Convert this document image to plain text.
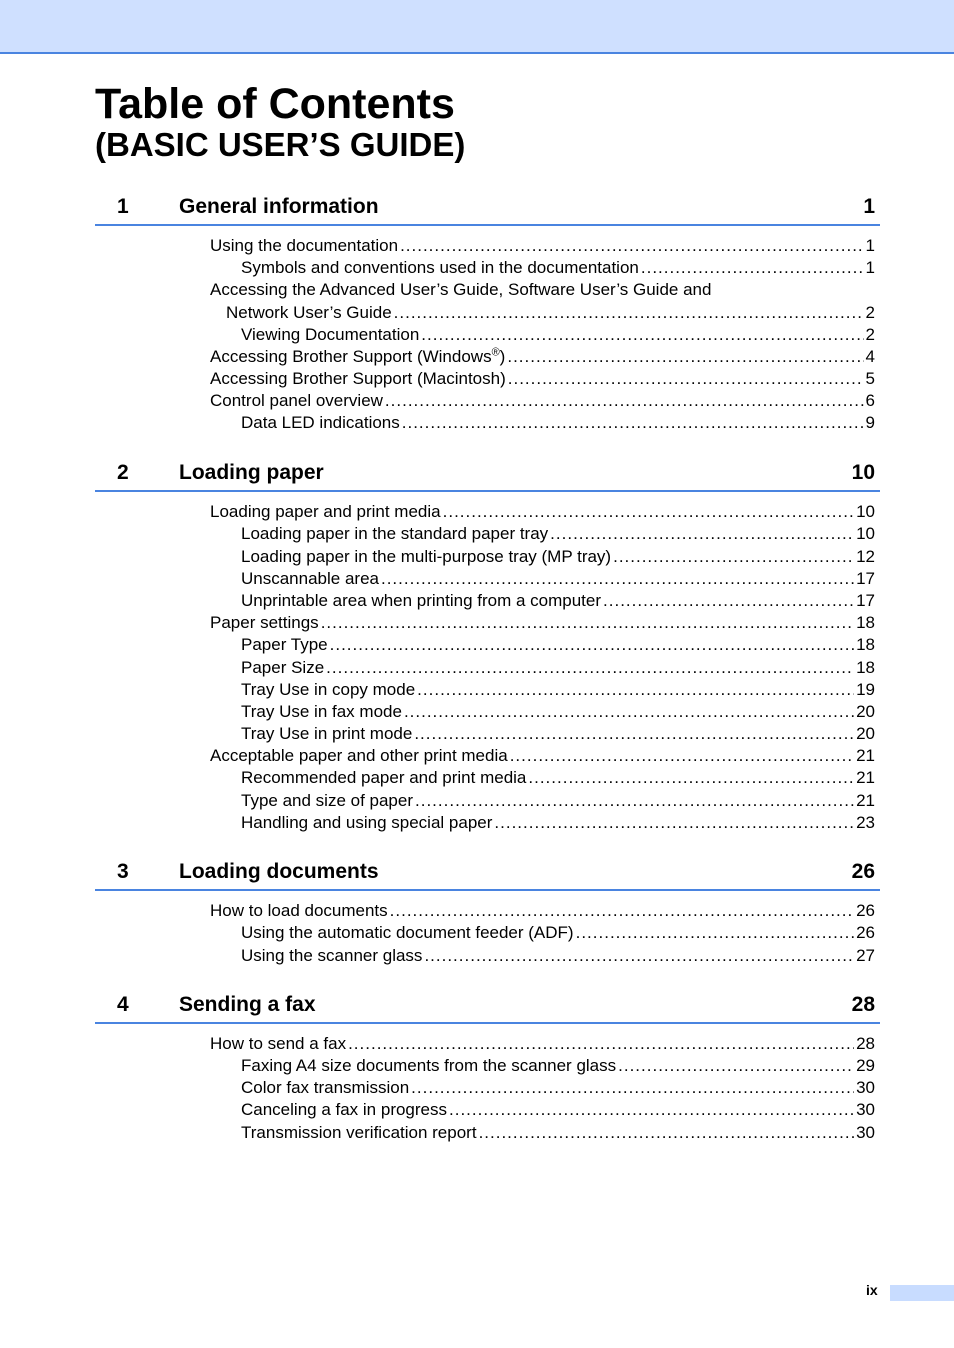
Table of Contents
(BASIC USER’S GUIDE)
1 General information	1
Using the documentation .....	1
Symbols and conventions used in the documentation .....	1
Accessing the Advanced User’s Guide, Software User’s Guide and
Network User’s Guide .....	2
Viewing Documentation .....	2
Accessing Brother Support (Windows®) .....	4
Accessing Brother Support (Macintosh) .....	5
Control panel overview .....	6
Data LED indications .....	9
2 Loading paper	10
Loading paper and print media .....	10
Loading paper in the standard paper tray .....	10
Loading paper in the multi-purpose tray (MP tray) .....	12
Unscannable area .....	17
Unprintable area when printing from a computer .....	17
Paper settings .....	18
Paper Type .....	18
Paper Size .....	18
Tray Use in copy mode .....	19
Tray Use in fax mode .....	20
Tray Use in print mode .....	20
Acceptable paper and other print media .....	21
Recommended paper and print media .....	21
Type and size of paper .....	21
Handling and using special paper .....	23
3 Loading documents	26
How to load documents .....	26
Using the automatic document feeder (ADF) .....	26
Using the scanner glass .....	27
4 Sending a fax	28
How to send a fax .....	28
Faxing A4 size documents from the scanner glass .....	29
Color fax transmission .....	30
Canceling a fax in progress .....	30
Transmission verification report .....	30
ix
